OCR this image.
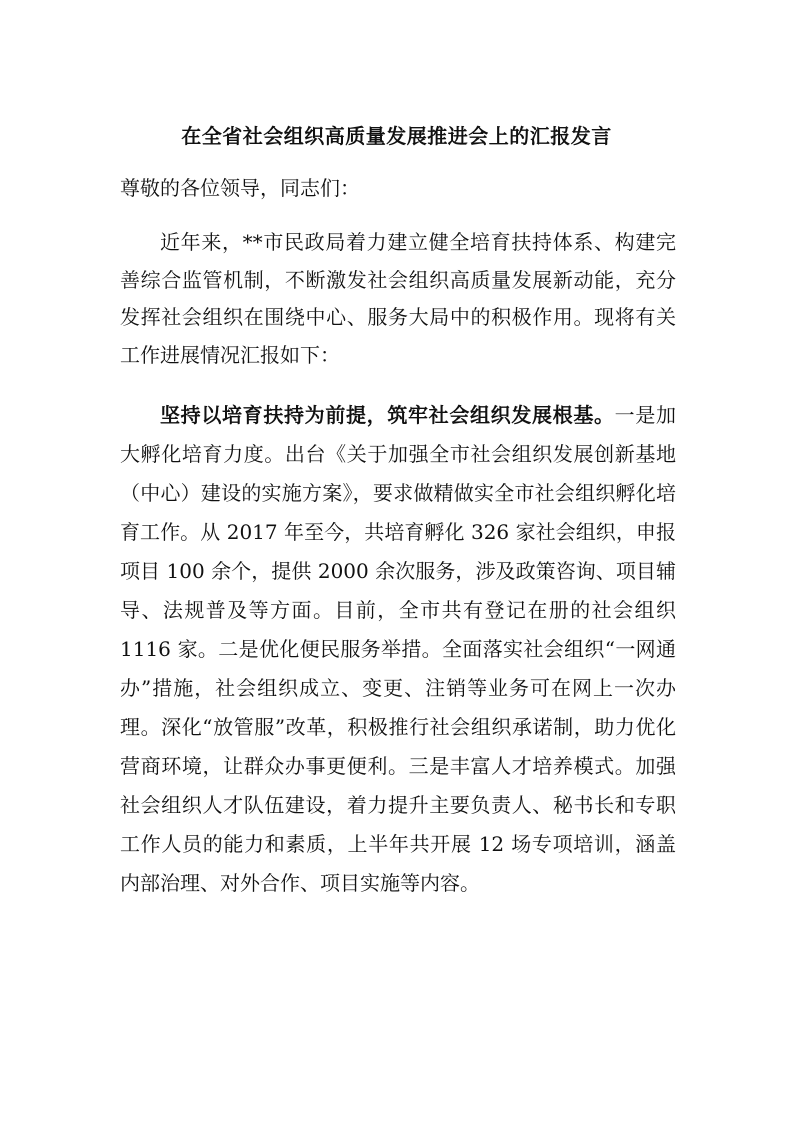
在全省社会组织高质量发展推进会上的汇报发言
尊敬的各位领导，同志们：

近年来，**市民政局着力建立健全培育扶持体系、构建完善综合监管机制，不断激发社会组织高质量发展新动能，充分发挥社会组织在围绕中心、服务大局中的积极作用。现将有关工作进展情况汇报如下：

坚持以培育扶持为前提，筑牢社会组织发展根基。一是加大孵化培育力度。出台《关于加强全市社会组织发展创新基地（中心）建设的实施方案》，要求做精做实全市社会组织孵化培育工作。从 2017 年至今，共培育孵化 326 家社会组织，申报项目 100 余个，提供 2000 余次服务，涉及政策咨询、项目辅导、法规普及等方面。目前，全市共有登记在册的社会组织 1116 家。二是优化便民服务举措。全面落实社会组织“一网通办”措施，社会组织成立、变更、注销等业务可在网上一次办理。深化“放管服”改革，积极推行社会组织承诺制，助力优化营商环境，让群众办事更便利。三是丰富人才培养模式。加强社会组织人才队伍建设，着力提升主要负责人、秘书长和专职工作人员的能力和素质，上半年共开展 12 场专项培训，涵盖内部治理、对外合作、项目实施等内容。
